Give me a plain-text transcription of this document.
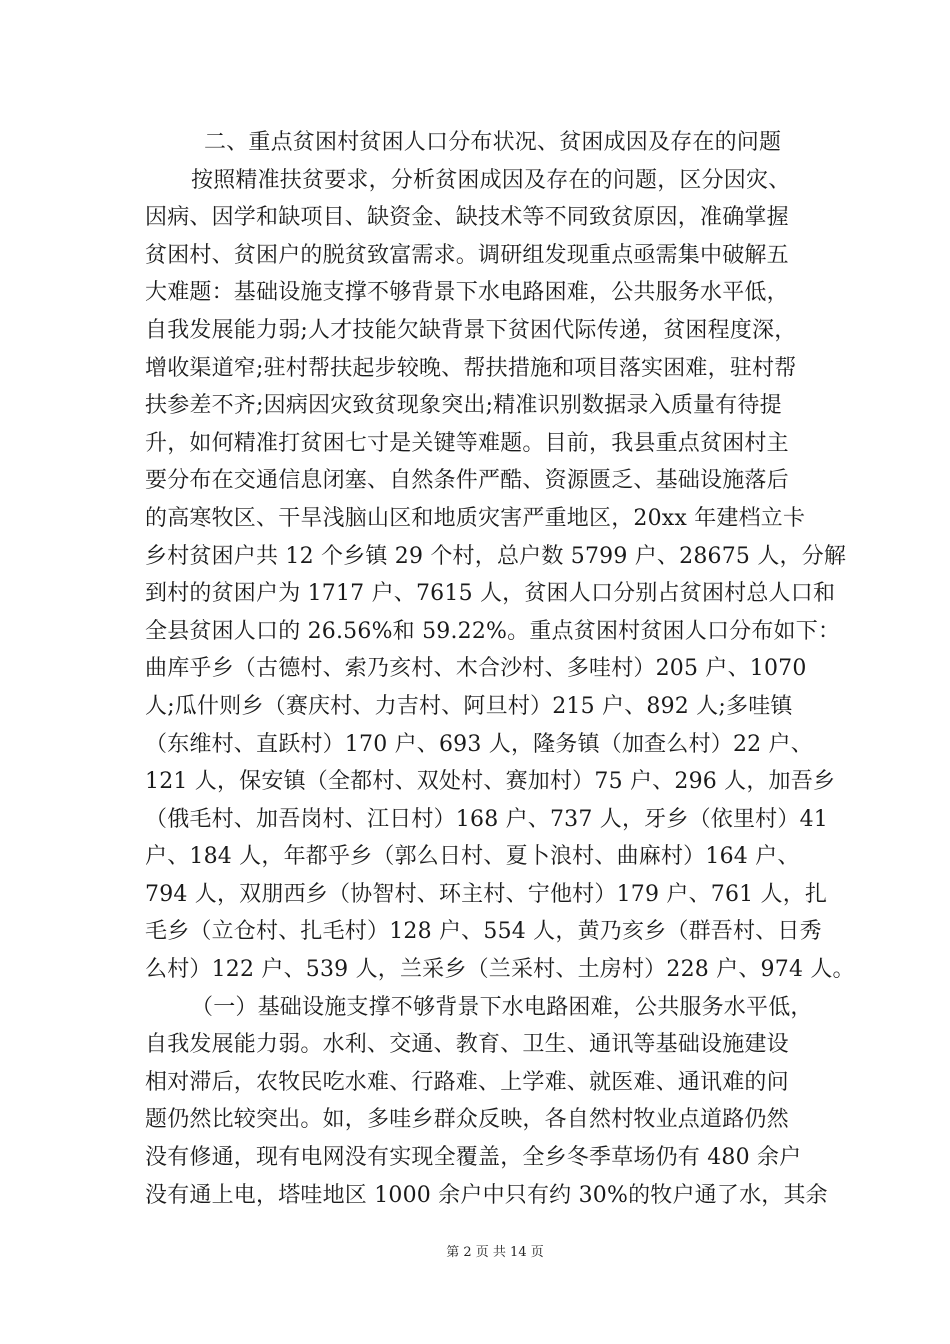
二、重点贫困村贫困人口分布状况、贫困成因及存在的问题
按照精准扶贫要求，分析贫困成因及存在的问题，区分因灾、
因病、因学和缺项目、缺资金、缺技术等不同致贫原因，准确掌握
贫困村、贫困户的脱贫致富需求。调研组发现重点亟需集中破解五
大难题：基础设施支撑不够背景下水电路困难，公共服务水平低，
自我发展能力弱;人才技能欠缺背景下贫困代际传递，贫困程度深，
增收渠道窄;驻村帮扶起步较晚、帮扶措施和项目落实困难，驻村帮
扶参差不齐;因病因灾致贫现象突出;精准识别数据录入质量有待提
升，如何精准打贫困七寸是关键等难题。目前，我县重点贫困村主
要分布在交通信息闭塞、自然条件严酷、资源匮乏、基础设施落后
的高寒牧区、干旱浅脑山区和地质灾害严重地区，20xx 年建档立卡
乡村贫困户共 12 个乡镇 29 个村，总户数 5799 户、28675 人，分解
到村的贫困户为 1717 户、7615 人，贫困人口分别占贫困村总人口和
全县贫困人口的 26.56%和 59.22%。重点贫困村贫困人口分布如下：
曲库乎乡（古德村、索乃亥村、木合沙村、多哇村）205 户、1070
人;瓜什则乡（赛庆村、力吉村、阿旦村）215 户、892 人;多哇镇
（东维村、直跃村）170 户、693 人，隆务镇（加查么村）22 户、
121 人，保安镇（全都村、双处村、赛加村）75 户、296 人，加吾乡
（俄毛村、加吾岗村、江日村）168 户、737 人，牙乡（依里村）41
户、184 人，年都乎乡（郭么日村、夏卜浪村、曲麻村）164 户、
794 人，双朋西乡（协智村、环主村、宁他村）179 户、761 人，扎
毛乡（立仓村、扎毛村）128 户、554 人，黄乃亥乡（群吾村、日秀
么村）122 户、539 人，兰采乡（兰采村、土房村）228 户、974 人。
（一）基础设施支撑不够背景下水电路困难，公共服务水平低，
自我发展能力弱。水利、交通、教育、卫生、通讯等基础设施建设
相对滞后，农牧民吃水难、行路难、上学难、就医难、通讯难的问
题仍然比较突出。如，多哇乡群众反映，各自然村牧业点道路仍然
没有修通，现有电网没有实现全覆盖，全乡冬季草场仍有 480 余户
没有通上电，塔哇地区 1000 余户中只有约 30%的牧户通了水，其余
第 2 页 共 14 页
